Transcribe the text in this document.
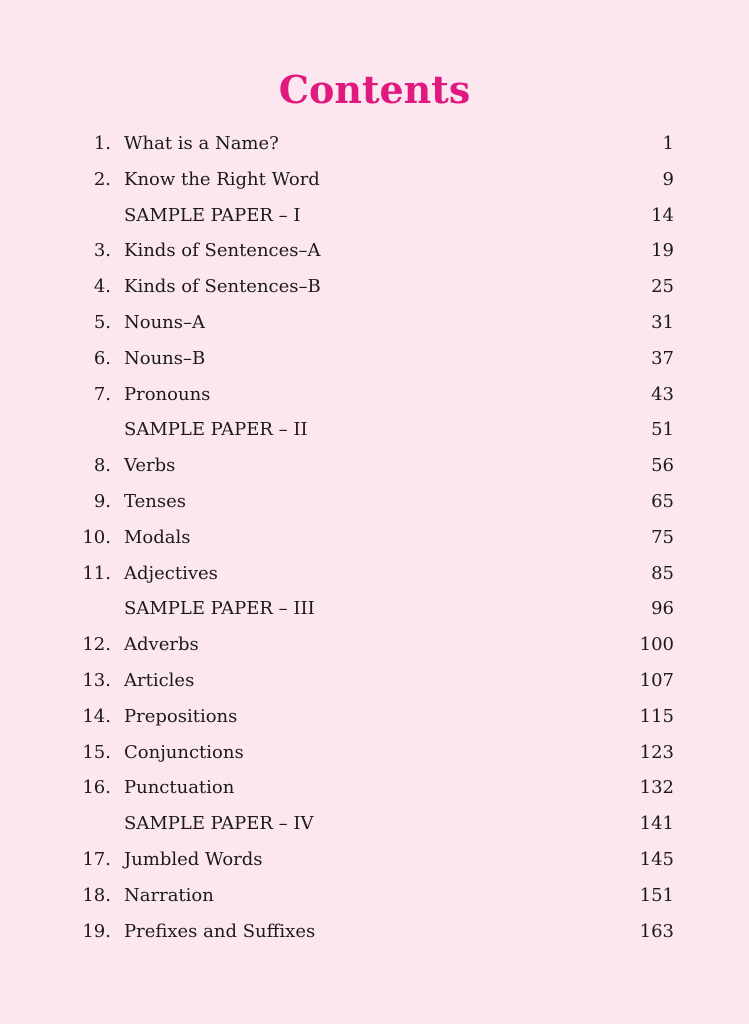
Contents
1. What is a Name?	1
2. Know the Right Word	9
SAMPLE PAPER – I	14
3. Kinds of Sentences–A	19
4. Kinds of Sentences–B	25
5. Nouns–A	31
6. Nouns–B	37
7. Pronouns	43
SAMPLE PAPER – II	51
8. Verbs	56
9. Tenses	65
10. Modals	75
11. Adjectives	85
SAMPLE PAPER – III	96
12. Adverbs	100
13. Articles	107
14. Prepositions	115
15. Conjunctions	123
16. Punctuation	132
SAMPLE PAPER – IV	141
17. Jumbled Words	145
18. Narration	151
19. Prefixes and Suffixes	163
